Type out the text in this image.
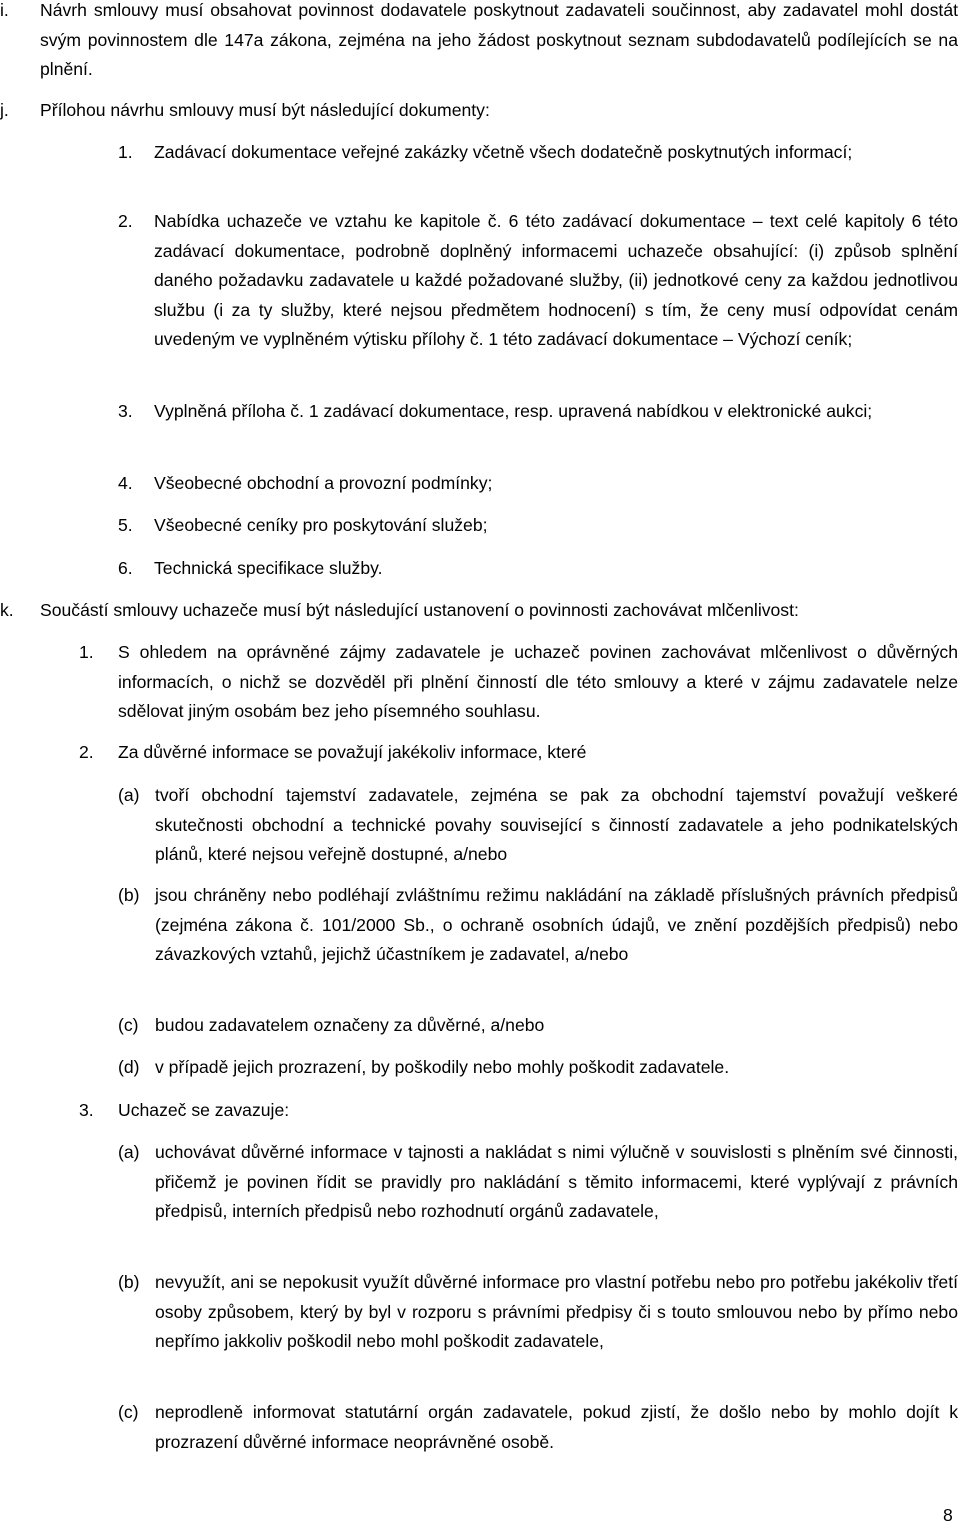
i. Návrh smlouvy musí obsahovat povinnost dodavatele poskytnout zadavateli součinnost, aby zadavatel mohl dostát svým povinnostem dle 147a zákona, zejména na jeho žádost poskytnout seznam subdodavatelů podílejících se na plnění.
j. Přílohou návrhu smlouvy musí být následující dokumenty:
1. Zadávací dokumentace veřejné zakázky včetně všech dodatečně poskytnutých informací;
2. Nabídka uchazeče ve vztahu ke kapitole č. 6 této zadávací dokumentace – text celé kapitoly 6 této zadávací dokumentace, podrobně doplněný informacemi uchazeče obsahující: (i) způsob splnění daného požadavku zadavatele u každé požadované služby, (ii) jednotkové ceny za každou jednotlivou službu (i za ty služby, které nejsou předmětem hodnocení) s tím, že ceny musí odpovídat cenám uvedeným ve vyplněném výtisku přílohy č. 1 této zadávací dokumentace – Výchozí ceník;
3. Vyplněná příloha č. 1 zadávací dokumentace, resp. upravená nabídkou v elektronické aukci;
4. Všeobecné obchodní a provozní podmínky;
5. Všeobecné ceníky pro poskytování služeb;
6. Technická specifikace služby.
k. Součástí smlouvy uchazeče musí být následující ustanovení o povinnosti zachovávat mlčenlivost:
1. S ohledem na oprávněné zájmy zadavatele je uchazeč povinen zachovávat mlčenlivost o důvěrných informacích, o nichž se dozvěděl při plnění činností dle této smlouvy a které v zájmu zadavatele nelze sdělovat jiným osobám bez jeho písemného souhlasu.
2. Za důvěrné informace se považují jakékoliv informace, které
(a) tvoří obchodní tajemství zadavatele, zejména se pak za obchodní tajemství považují veškeré skutečnosti obchodní a technické povahy související s činností zadavatele a jeho podnikatelských plánů, které nejsou veřejně dostupné, a/nebo
(b) jsou chráněny nebo podléhají zvláštnímu režimu nakládání na základě příslušných právních předpisů (zejména zákona č. 101/2000 Sb., o ochraně osobních údajů, ve znění pozdějších předpisů) nebo závazkových vztahů, jejichž účastníkem je zadavatel, a/nebo
(c) budou zadavatelem označeny za důvěrné, a/nebo
(d) v případě jejich prozrazení, by poškodily nebo mohly poškodit zadavatele.
3. Uchazeč se zavazuje:
(a) uchovávat důvěrné informace v tajnosti a nakládat s nimi výlučně v souvislosti s plněním své činnosti, přičemž je povinen řídit se pravidly pro nakládání s těmito informacemi, které vyplývají z právních předpisů, interních předpisů nebo rozhodnutí orgánů zadavatele,
(b) nevyužít, ani se nepokusit využít důvěrné informace pro vlastní potřebu nebo pro potřebu jakékoliv třetí osoby způsobem, který by byl v rozporu s právními předpisy či s touto smlouvou nebo by přímo nebo nepřímo jakkoliv poškodil nebo mohl poškodit zadavatele,
(c) neprodleně informovat statutární orgán zadavatele, pokud zjistí, že došlo nebo by mohlo dojít k prozrazení důvěrné informace neoprávněné osobě.
8
